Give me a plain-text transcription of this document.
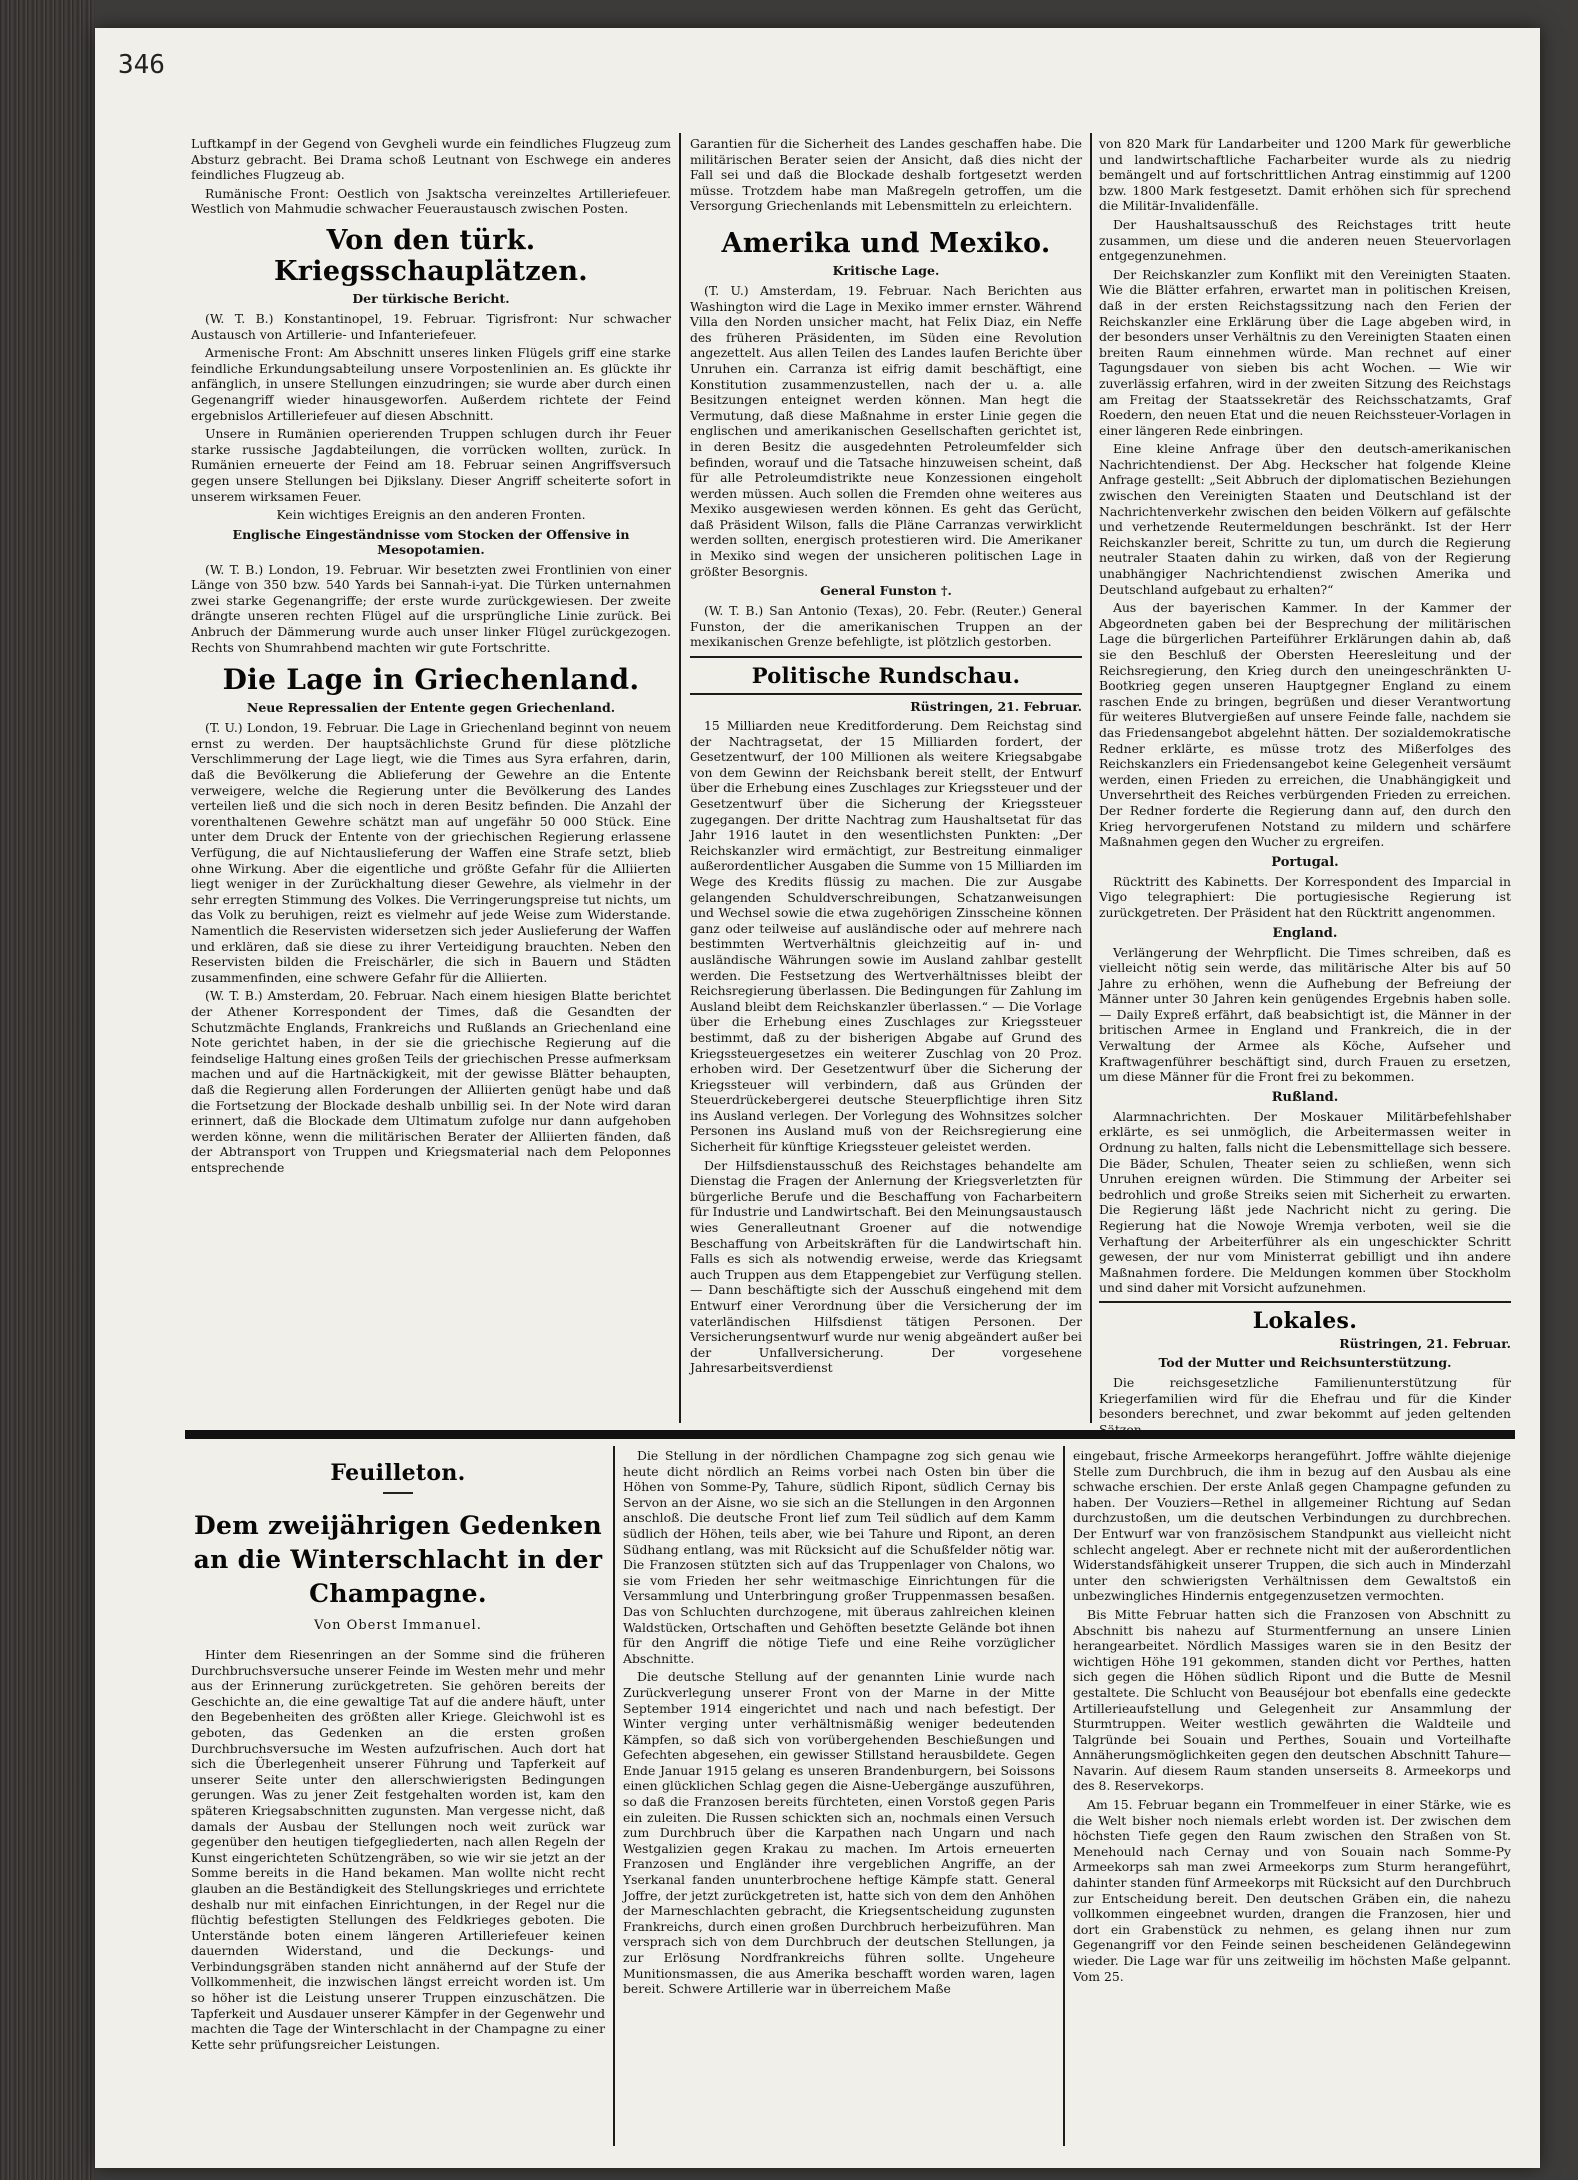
346

Luftkampf in der Gegend von Gevgheli wurde ein feindliches Flugzeug zum Absturz gebracht. Bei Drama schoß Leutnant von Eschwege ein anderes feindliches Flugzeug ab.

Rumänische Front: Oestlich von Jsaktscha vereinzeltes Artilleriefeuer. Westlich von Mahmudie schwacher Feueraustausch zwischen Posten.

Von den türk. Kriegsschauplätzen.
Der türkische Bericht.

(W. T. B.) Konstantinopel, 19. Februar. Tigrisfront: Nur schwacher Austausch von Artillerie- und Infanteriefeuer.

Armenische Front: Am Abschnitt unseres linken Flügels griff eine starke feindliche Erkundungsabteilung unsere Vorpostenlinien an. Es glückte ihr anfänglich, in unsere Stellungen einzudringen; sie wurde aber durch einen Gegenangriff wieder hinausgeworfen. Außerdem richtete der Feind ergebnislos Artilleriefeuer auf diesen Abschnitt.

Unsere in Rumänien operierenden Truppen schlugen durch ihr Feuer starke russische Jagdabteilungen, die vorrücken wollten, zurück. In Rumänien erneuerte der Feind am 18. Februar seinen Angriffsversuch gegen unsere Stellungen bei Djikslany. Dieser Angriff scheiterte sofort in unserem wirksamen Feuer.

Kein wichtiges Ereignis an den anderen Fronten.

Englische Eingeständnisse vom Stocken der Offensive in Mesopotamien.

(W. T. B.) London, 19. Februar. Wir besetzten zwei Frontlinien von einer Länge von 350 bzw. 540 Yards bei Sannah-i-yat. Die Türken unternahmen zwei starke Gegenangriffe; der erste wurde zurückgewiesen. Der zweite drängte unseren rechten Flügel auf die ursprüngliche Linie zurück. Bei Anbruch der Dämmerung wurde auch unser linker Flügel zurückgezogen. Rechts von Shumrahbend machten wir gute Fortschritte.

Die Lage in Griechenland.
Neue Repressalien der Entente gegen Griechenland.

(T. U.) London, 19. Februar. Die Lage in Griechenland beginnt von neuem ernst zu werden. Der hauptsächlichste Grund für diese plötzliche Verschlimmerung der Lage liegt, wie die Times aus Syra erfahren, darin, daß die Bevölkerung die Ablieferung der Gewehre an die Entente verweigere, welche die Regierung unter die Bevölkerung des Landes verteilen ließ und die sich noch in deren Besitz befinden. Die Anzahl der vorenthaltenen Gewehre schätzt man auf ungefähr 50 000 Stück. Eine unter dem Druck der Entente von der griechischen Regierung erlassene Verfügung, die auf Nichtauslieferung der Waffen eine Strafe setzt, blieb ohne Wirkung. Aber die eigentliche und größte Gefahr für die Alliierten liegt weniger in der Zurückhaltung dieser Gewehre, als vielmehr in der sehr erregten Stimmung des Volkes. Die Verringerungspreise tut nichts, um das Volk zu beruhigen, reizt es vielmehr auf jede Weise zum Widerstande. Namentlich die Reservisten widersetzen sich jeder Auslieferung der Waffen und erklären, daß sie diese zu ihrer Verteidigung brauchten. Neben den Reservisten bilden die Freischärler, die sich in Bauern und Städten zusammenfinden, eine schwere Gefahr für die Alliierten.

(W. T. B.) Amsterdam, 20. Februar. Nach einem hiesigen Blatte berichtet der Athener Korrespondent der Times, daß die Gesandten der Schutzmächte Englands, Frankreichs und Rußlands an Griechenland eine Note gerichtet haben, in der sie die griechische Regierung auf die feindselige Haltung eines großen Teils der griechischen Presse aufmerksam machen und auf die Hartnäckigkeit, mit der gewisse Blätter behaupten, daß die Regierung allen Forderungen der Alliierten genügt habe und daß die Fortsetzung der Blockade deshalb unbillig sei. In der Note wird daran erinnert, daß die Blockade dem Ultimatum zufolge nur dann aufgehoben werden könne, wenn die militärischen Berater der Alliierten fänden, daß der Abtransport von Truppen und Kriegsmaterial nach dem Peloponnes entsprechende

Garantien für die Sicherheit des Landes geschaffen habe. Die militärischen Berater seien der Ansicht, daß dies nicht der Fall sei und daß die Blockade deshalb fortgesetzt werden müsse. Trotzdem habe man Maßregeln getroffen, um die Versorgung Griechenlands mit Lebensmitteln zu erleichtern.

Amerika und Mexiko.
Kritische Lage.

(T. U.) Amsterdam, 19. Februar. Nach Berichten aus Washington wird die Lage in Mexiko immer ernster. Während Villa den Norden unsicher macht, hat Felix Diaz, ein Neffe des früheren Präsidenten, im Süden eine Revolution angezettelt. Aus allen Teilen des Landes laufen Berichte über Unruhen ein. Carranza ist eifrig damit beschäftigt, eine Konstitution zusammenzustellen, nach der u. a. alle Besitzungen enteignet werden können. Man hegt die Vermutung, daß diese Maßnahme in erster Linie gegen die englischen und amerikanischen Gesellschaften gerichtet ist, in deren Besitz die ausgedehnten Petroleumfelder sich befinden, worauf und die Tatsache hinzuweisen scheint, daß für alle Petroleumdistrikte neue Konzessionen eingeholt werden müssen. Auch sollen die Fremden ohne weiteres aus Mexiko ausgewiesen werden können. Es geht das Gerücht, daß Präsident Wilson, falls die Pläne Carranzas verwirklicht werden sollten, energisch protestieren wird. Die Amerikaner in Mexiko sind wegen der unsicheren politischen Lage in größter Besorgnis.

General Funston †.

(W. T. B.) San Antonio (Texas), 20. Febr. (Reuter.) General Funston, der die amerikanischen Truppen an der mexikanischen Grenze befehligte, ist plötzlich gestorben.

Politische Rundschau.
Rüstringen, 21. Februar.

15 Milliarden neue Kreditforderung. Dem Reichstag sind der Nachtragsetat, der 15 Milliarden fordert, der Gesetzentwurf, der 100 Millionen als weitere Kriegsabgabe von dem Gewinn der Reichsbank bereit stellt, der Entwurf über die Erhebung eines Zuschlages zur Kriegssteuer und der Gesetzentwurf über die Sicherung der Kriegssteuer zugegangen. Der dritte Nachtrag zum Haushaltsetat für das Jahr 1916 lautet in den wesentlichsten Punkten: „Der Reichskanzler wird ermächtigt, zur Bestreitung einmaliger außerordentlicher Ausgaben die Summe von 15 Milliarden im Wege des Kredits flüssig zu machen. Die zur Ausgabe gelangenden Schuldverschreibungen, Schatzanweisungen und Wechsel sowie die etwa zugehörigen Zinsscheine können ganz oder teilweise auf ausländische oder auf mehrere nach bestimmten Wertverhältnis gleichzeitig auf in- und ausländische Währungen sowie im Ausland zahlbar gestellt werden. Die Festsetzung des Wertverhältnisses bleibt der Reichsregierung überlassen. Die Bedingungen für Zahlung im Ausland bleibt dem Reichskanzler überlassen.“ — Die Vorlage über die Erhebung eines Zuschlages zur Kriegssteuer bestimmt, daß zu der bisherigen Abgabe auf Grund des Kriegssteuergesetzes ein weiterer Zuschlag von 20 Proz. erhoben wird. Der Gesetzentwurf über die Sicherung der Kriegssteuer will verbindern, daß aus Gründen der Steuerdrückebergerei deutsche Steuerpflichtige ihren Sitz ins Ausland verlegen. Der Vorlegung des Wohnsitzes solcher Personen ins Ausland muß von der Reichsregierung eine Sicherheit für künftige Kriegssteuer geleistet werden.

Der Hilfsdienstausschuß des Reichstages behandelte am Dienstag die Fragen der Anlernung der Kriegsverletzten für bürgerliche Berufe und die Beschaffung von Facharbeitern für Industrie und Landwirtschaft. Bei den Meinungsaustausch wies Generalleutnant Groener auf die notwendige Beschaffung von Arbeitskräften für die Landwirtschaft hin. Falls es sich als notwendig erweise, werde das Kriegsamt auch Truppen aus dem Etappengebiet zur Verfügung stellen. — Dann beschäftigte sich der Ausschuß eingehend mit dem Entwurf einer Verordnung über die Versicherung der im vaterländischen Hilfsdienst tätigen Personen. Der Versicherungsentwurf wurde nur wenig abgeändert außer bei der Unfallversicherung. Der vorgesehene Jahresarbeitsverdienst

von 820 Mark für Landarbeiter und 1200 Mark für gewerbliche und landwirtschaftliche Facharbeiter wurde als zu niedrig bemängelt und auf fortschrittlichen Antrag einstimmig auf 1200 bzw. 1800 Mark festgesetzt. Damit erhöhen sich für sprechend die Militär-Invalidenfälle.

Der Haushaltsausschuß des Reichstages tritt heute zusammen, um diese und die anderen neuen Steuervorlagen entgegenzunehmen.

Der Reichskanzler zum Konflikt mit den Vereinigten Staaten. Wie die Blätter erfahren, erwartet man in politischen Kreisen, daß in der ersten Reichstagssitzung nach den Ferien der Reichskanzler eine Erklärung über die Lage abgeben wird, in der besonders unser Verhältnis zu den Vereinigten Staaten einen breiten Raum einnehmen würde. Man rechnet auf einer Tagungsdauer von sieben bis acht Wochen. — Wie wir zuverlässig erfahren, wird in der zweiten Sitzung des Reichstags am Freitag der Staatssekretär des Reichsschatzamts, Graf Roedern, den neuen Etat und die neuen Reichssteuer-Vorlagen in einer längeren Rede einbringen.

Eine kleine Anfrage über den deutsch-amerikanischen Nachrichtendienst. Der Abg. Heckscher hat folgende Kleine Anfrage gestellt: „Seit Abbruch der diplomatischen Beziehungen zwischen den Vereinigten Staaten und Deutschland ist der Nachrichtenverkehr zwischen den beiden Völkern auf gefälschte und verhetzende Reutermeldungen beschränkt. Ist der Herr Reichskanzler bereit, Schritte zu tun, um durch die Regierung neutraler Staaten dahin zu wirken, daß von der Regierung unabhängiger Nachrichtendienst zwischen Amerika und Deutschland aufgebaut zu erhalten?“

Aus der bayerischen Kammer. In der Kammer der Abgeordneten gaben bei der Besprechung der militärischen Lage die bürgerlichen Parteiführer Erklärungen dahin ab, daß sie den Beschluß der Obersten Heeresleitung und der Reichsregierung, den Krieg durch den uneingeschränkten U-Bootkrieg gegen unseren Hauptgegner England zu einem raschen Ende zu bringen, begrüßen und dieser Verantwortung für weiteres Blutvergießen auf unsere Feinde falle, nachdem sie das Friedensangebot abgelehnt hätten. Der sozialdemokratische Redner erklärte, es müsse trotz des Mißerfolges des Reichskanzlers ein Friedensangebot keine Gelegenheit versäumt werden, einen Frieden zu erreichen, die Unabhängigkeit und Unversehrtheit des Reiches verbürgenden Frieden zu erreichen. Der Redner forderte die Regierung dann auf, den durch den Krieg hervorgerufenen Notstand zu mildern und schärfere Maßnahmen gegen den Wucher zu ergreifen.

Portugal.

Rücktritt des Kabinetts. Der Korrespondent des Imparcial in Vigo telegraphiert: Die portugiesische Regierung ist zurückgetreten. Der Präsident hat den Rücktritt angenommen.

England.

Verlängerung der Wehrpflicht. Die Times schreiben, daß es vielleicht nötig sein werde, das militärische Alter bis auf 50 Jahre zu erhöhen, wenn die Aufhebung der Befreiung der Männer unter 30 Jahren kein genügendes Ergebnis haben solle. — Daily Expreß erfährt, daß beabsichtigt ist, die Männer in der britischen Armee in England und Frankreich, die in der Verwaltung der Armee als Köche, Aufseher und Kraftwagenführer beschäftigt sind, durch Frauen zu ersetzen, um diese Männer für die Front frei zu bekommen.

Rußland.

Alarmnachrichten. Der Moskauer Militärbefehlshaber erklärte, es sei unmöglich, die Arbeitermassen weiter in Ordnung zu halten, falls nicht die Lebensmittellage sich bessere. Die Bäder, Schulen, Theater seien zu schließen, wenn sich Unruhen ereignen würden. Die Stimmung der Arbeiter sei bedrohlich und große Streiks seien mit Sicherheit zu erwarten. Die Regierung läßt jede Nachricht nicht zu gering. Die Regierung hat die Nowoje Wremja verboten, weil sie die Verhaftung der Arbeiterführer als ein ungeschickter Schritt gewesen, der nur vom Ministerrat gebilligt und ihn andere Maßnahmen fordere. Die Meldungen kommen über Stockholm und sind daher mit Vorsicht aufzunehmen.

Lokales.
Rüstringen, 21. Februar.
Tod der Mutter und Reichsunterstützung.

Die reichsgesetzliche Familienunterstützung für Kriegerfamilien wird für die Ehefrau und für die Kinder besonders berechnet, und zwar bekommt auf jeden geltenden Sätzen

Feuilleton.
Dem zweijährigen Gedenken
an die Winterschlacht in der
Champagne.
Von Oberst Immanuel.

Hinter dem Riesenringen an der Somme sind die früheren Durchbruchsversuche unserer Feinde im Westen mehr und mehr aus der Erinnerung zurückgetreten. Sie gehören bereits der Geschichte an, die eine gewaltige Tat auf die andere häuft, unter den Begebenheiten des größten aller Kriege. Gleichwohl ist es geboten, das Gedenken an die ersten großen Durchbruchsversuche im Westen aufzufrischen. Auch dort hat sich die Überlegenheit unserer Führung und Tapferkeit auf unserer Seite unter den allerschwierigsten Bedingungen gerungen. Was zu jener Zeit festgehalten worden ist, kam den späteren Kriegsabschnitten zugunsten. Man vergesse nicht, daß damals der Ausbau der Stellungen noch weit zurück war gegenüber den heutigen tiefgegliederten, nach allen Regeln der Kunst eingerichteten Schützengräben, so wie wir sie jetzt an der Somme bereits in die Hand bekamen. Man wollte nicht recht glauben an die Beständigkeit des Stellungskrieges und errichtete deshalb nur mit einfachen Einrichtungen, in der Regel nur die flüchtig befestigten Stellungen des Feldkrieges geboten. Die Unterstände boten einem längeren Artilleriefeuer keinen dauernden Widerstand, und die Deckungs- und Verbindungsgräben standen nicht annähernd auf der Stufe der Vollkommenheit, die inzwischen längst erreicht worden ist. Um so höher ist die Leistung unserer Truppen einzuschätzen. Die Tapferkeit und Ausdauer unserer Kämpfer in der Gegenwehr und machten die Tage der Winterschlacht in der Champagne zu einer Kette sehr prüfungsreicher Leistungen.

Die Stellung in der nördlichen Champagne zog sich genau wie heute dicht nördlich an Reims vorbei nach Osten bin über die Höhen von Somme-Py, Tahure, südlich Ripont, südlich Cernay bis Servon an der Aisne, wo sie sich an die Stellungen in den Argonnen anschloß. Die deutsche Front lief zum Teil südlich auf dem Kamm südlich der Höhen, teils aber, wie bei Tahure und Ripont, an deren Südhang entlang, was mit Rücksicht auf die Schußfelder nötig war. Die Franzosen stützten sich auf das Truppenlager von Chalons, wo sie vom Frieden her sehr weitmaschige Einrichtungen für die Versammlung und Unterbringung großer Truppenmassen besaßen. Das von Schluchten durchzogene, mit überaus zahlreichen kleinen Waldstücken, Ortschaften und Gehöften besetzte Gelände bot ihnen für den Angriff die nötige Tiefe und eine Reihe vorzüglicher Abschnitte.

Die deutsche Stellung auf der genannten Linie wurde nach Zurückverlegung unserer Front von der Marne in der Mitte September 1914 eingerichtet und nach und nach befestigt. Der Winter verging unter verhältnismäßig weniger bedeutenden Kämpfen, so daß sich von vorübergehenden Beschießungen und Gefechten abgesehen, ein gewisser Stillstand herausbildete. Gegen Ende Januar 1915 gelang es unseren Brandenburgern, bei Soissons einen glücklichen Schlag gegen die Aisne-Uebergänge auszuführen, so daß die Franzosen bereits fürchteten, einen Vorstoß gegen Paris ein zuleiten. Die Russen schickten sich an, nochmals einen Versuch zum Durchbruch über die Karpathen nach Ungarn und nach Westgalizien gegen Krakau zu machen. Im Artois erneuerten Franzosen und Engländer ihre vergeblichen Angriffe, an der Yserkanal fanden ununterbrochene heftige Kämpfe statt. General Joffre, der jetzt zurückgetreten ist, hatte sich von dem den Anhöhen der Marneschlachten gebracht, die Kriegsentscheidung zugunsten Frankreichs, durch einen großen Durchbruch herbeizuführen. Man versprach sich von dem Durchbruch der deutschen Stellungen, ja zur Erlösung Nordfrankreichs führen sollte. Ungeheure Munitionsmassen, die aus Amerika beschafft worden waren, lagen bereit. Schwere Artillerie war in überreichem Maße

eingebaut, frische Armeekorps herangeführt. Joffre wählte diejenige Stelle zum Durchbruch, die ihm in bezug auf den Ausbau als eine schwache erschien. Der erste Anlaß gegen Champagne gefunden zu haben. Der Vouziers—Rethel in allgemeiner Richtung auf Sedan durchzustoßen, um die deutschen Verbindungen zu durchbrechen. Der Entwurf war von französischem Standpunkt aus vielleicht nicht schlecht angelegt. Aber er rechnete nicht mit der außerordentlichen Widerstandsfähigkeit unserer Truppen, die sich auch in Minderzahl unter den schwierigsten Verhältnissen dem Gewaltstoß ein unbezwingliches Hindernis entgegenzusetzen vermochten.

Bis Mitte Februar hatten sich die Franzosen von Abschnitt zu Abschnitt bis nahezu auf Sturmentfernung an unsere Linien herangearbeitet. Nördlich Massiges waren sie in den Besitz der wichtigen Höhe 191 gekommen, standen dicht vor Perthes, hatten sich gegen die Höhen südlich Ripont und die Butte de Mesnil gestaltete. Die Schlucht von Beauséjour bot ebenfalls eine gedeckte Artillerieaufstellung und Gelegenheit zur Ansammlung der Sturmtruppen. Weiter westlich gewährten die Waldteile und Talgründe bei Souain und Perthes, Souain und Vorteilhafte Annäherungsmöglichkeiten gegen den deutschen Abschnitt Tahure—Navarin. Auf diesem Raum standen unserseits 8. Armeekorps und des 8. Reservekorps.

Am 15. Februar begann ein Trommelfeuer in einer Stärke, wie es die Welt bisher noch niemals erlebt worden ist. Der zwischen dem höchsten Tiefe gegen den Raum zwischen den Straßen von St. Menehould nach Cernay und von Souain nach Somme-Py Armeekorps sah man zwei Armeekorps zum Sturm herangeführt, dahinter standen fünf Armeekorps mit Rücksicht auf den Durchbruch zur Entscheidung bereit. Den deutschen Gräben ein, die nahezu vollkommen eingeebnet wurden, drangen die Franzosen, hier und dort ein Grabenstück zu nehmen, es gelang ihnen nur zum Gegenangriff vor den Feinde seinen bescheidenen Geländegewinn wieder. Die Lage war für uns zeitweilig im höchsten Maße gelpannt. Vom 25.
